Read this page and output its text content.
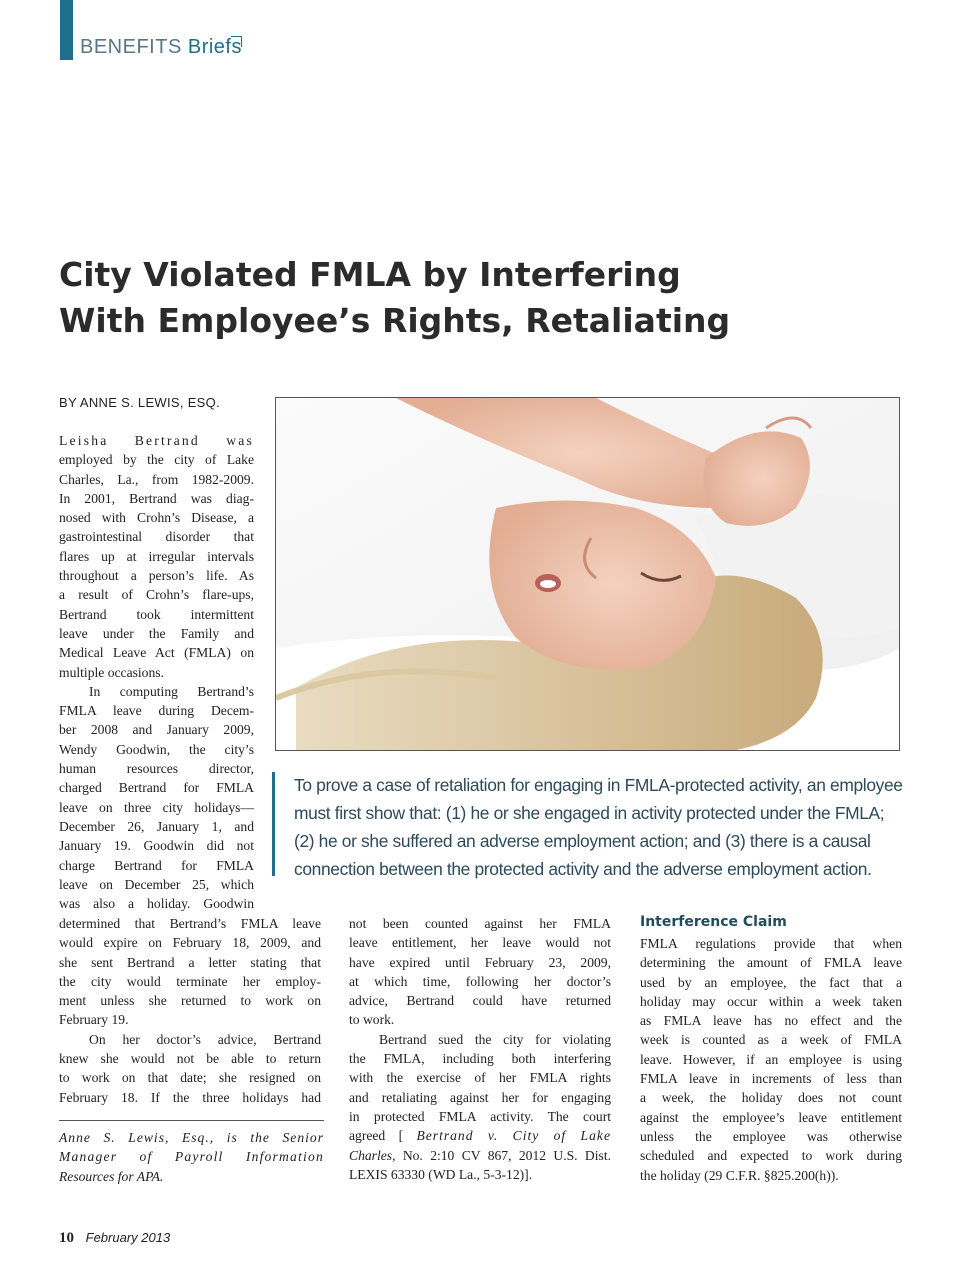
BENEFITS Briefs
City Violated FMLA by Interfering
With Employee’s Rights, Retaliating
BY ANNE S. LEWIS, ESQ.
To prove a case of retaliation for engaging in FMLA-protected activity, an employee
must first show that: (1) he or she engaged in activity protected under the FMLA;
(2) he or she suffered an adverse employment action; and (3) there is a causal
connection between the protected activity and the adverse employment action.
Leisha Bertrand was
employed by the city of Lake
Charles, La., from 1982-2009.
In 2001, Bertrand was diag-
nosed with Crohn’s Disease, a
gastrointestinal disorder that
flares up at irregular intervals
throughout a person’s life. As
a result of Crohn’s flare-ups,
Bertrand took intermittent
leave under the Family and
Medical Leave Act (FMLA) on
multiple occasions.
In computing Bertrand’s
FMLA leave during Decem-
ber 2008 and January 2009,
Wendy Goodwin, the city’s
human resources director,
charged Bertrand for FMLA
leave on three city holidays—
December 26, January 1, and
January 19. Goodwin did not
charge Bertrand for FMLA
leave on December 25, which
was also a holiday. Goodwin
determined that Bertrand’s FMLA leave
would expire on February 18, 2009, and
she sent Bertrand a letter stating that
the city would terminate her employ-
ment unless she returned to work on
February 19.
On her doctor’s advice, Bertrand
knew she would not be able to return
to work on that date; she resigned on
February 18. If the three holidays had
Anne S. Lewis, Esq., is the Senior
Manager of Payroll Information
Resources for APA.
not been counted against her FMLA
leave entitlement, her leave would not
have expired until February 23, 2009,
at which time, following her doctor’s
advice, Bertrand could have returned
to work.
Bertrand sued the city for violating
the FMLA, including both interfering
with the exercise of her FMLA rights
and retaliating against her for engaging
in protected FMLA activity. The court
agreed [ Bertrand v. City of Lake
Charles, No. 2:10 CV 867, 2012 U.S. Dist.
LEXIS 63330 (WD La., 5-3-12)].
Interference Claim
FMLA regulations provide that when
determining the amount of FMLA leave
used by an employee, the fact that a
holiday may occur within a week taken
as FMLA leave has no effect and the
week is counted as a week of FMLA
leave. However, if an employee is using
FMLA leave in increments of less than
a week, the holiday does not count
against the employee’s leave entitlement
unless the employee was otherwise
scheduled and expected to work during
the holiday (29 C.F.R. §825.200(h)).
10 February 2013
